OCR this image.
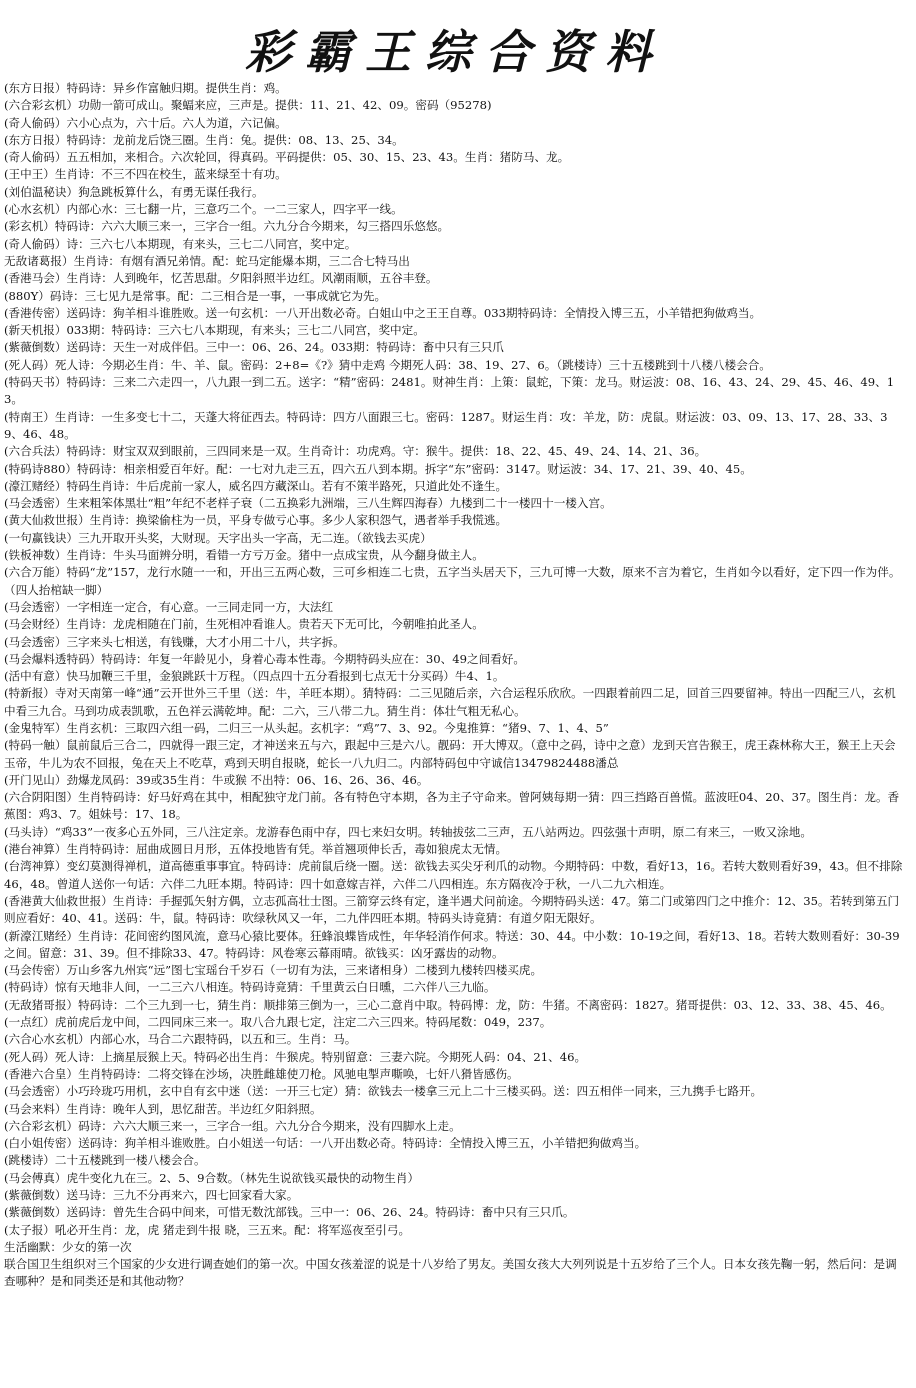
彩霸王综合资料
(东方日报）特码诗：异乡作富触归期。提供生肖：鸡。
(六合彩玄机）功勋一箭可成山。聚蝠来应，三声是。提供：11、21、42、09。密码（95278)
(奇人偷码）六小心点为，六十后。六人为道，六记偏。
(东方日报）特码诗：龙前龙后饶三圈。生肖：兔。提供：08、13、25、34。
(奇人偷码）五五相加，来相合。六次轮回，得真码。平码提供：05、30、15、23、43。生肖：猪防马、龙。
(王中王）生肖诗：不三不四在校生，蓝来绿至十有功。
(刘伯温秘诀）狗急跳板算什么，有勇无谋任我行。
(心水玄机）内部心水：三七翻一片，三意巧二个。一二三家人，四字平一线。
(彩玄机）特码诗：六六大顺三来一，三字合一组。六九分合今期来，勾三搭四乐悠悠。
(奇人偷码）诗：三六七八本期现，有来头，三七二八同宫，奖中定。
无敌诸葛报）生肖诗：有烟有酒兄弟情。配：蛇马定能爆本期，三二合七特马出
(香港马会）生肖诗：人到晚年，忆苦思甜。夕阳斜照半边红。风潮雨顺，五谷丰登。
(880Y）码诗：三七见九是常事。配：二三相合是一事，一事成就它为先。
(香港传密）送码诗：狗羊相斗谁胜败。送一句玄机：一八开出数必奇。白姐山中之王王自尊。033期特码诗：全情投入博三五，小羊错把狗做鸡当。
(新天机报）033期：特码诗：三六七八本期现，有来头；三七二八同宫，奖中定。
(紫薇倒数）送码诗：天生一对成伴侣。三中一：06、26、24。033期：特码诗：畜中只有三只爪
(死人码）死人诗：今期必生肖：牛、羊、鼠。密码：2+8=《?》猜中走鸡 今期死人码：38、19、27、6。（跳楼诗）三十五楼跳到十八楼八楼会合。
(特码天书）特码诗：三来二六走四一，八九跟一到二五。送字：“精”密码：2481。财神生肖：上策：鼠蛇，下策：龙马。财运波：08、16、43、24、29、45、46、49、13。
(特南王）生肖诗：一生多变七十二，天蓬大将征西去。特码诗：四方八面跟三七。密码：1287。财运生肖：攻：羊龙，防：虎鼠。财运波：03、09、13、17、28、33、39、46、48。
(六合兵法）特码诗：财宝双双到眼前，三四同来是一双。生肖奇计：功虎鸡。守：猴牛。提供：18、22、45、49、24、14、21、36。
(特码诗880）特码诗：相亲相爱百年好。配：一七对九走三五，四六五八到本期。拆字“东”密码：3147。财运波：34、17、21、39、40、45。
(濠江赌经）特码生肖诗：牛后虎前一家人，威名四方藏深山。若有不策半路死，只道此处不逢生。
(马会透密）生来粗笨体黑壮“粗”年纪不老样子衰（二五换彩九洲端，三八生辉四海春）九楼到二十一楼四十一楼入宫。
(黄大仙救世报）生肖诗：换梁偷柱为一员，平身专做亏心事。多少人家积怨气，遇者举手我慌逃。
(一句赢钱诀）三九开取开头奖，大财现。天字出头一字高，无二连。（欲钱去买虎）
(铁板神数）生肖诗：牛头马面辨分明，看错一方亏万金。猪中一点成宝贵，从今翻身做主人。
(六合万能）特码“龙”157，龙行水随一一和，开出三五两心数，三可乡相连二七贵，五字当头居天下，三九可博一大数，原来不言为着它，生肖如今以看好，定下四一作为伴。（四人抬棺缺一脚）
(马会透密）一字相连一定合，有心意。一三同走同一方，大法红
(马会财经）生肖诗：龙虎相随在门前，生死相冲看谁人。贵若天下无可比，今朝唯拍此圣人。
(马会透密）三字来头七相送，有钱赚，大才小用二十八，共字拆。
(马会爆料透特码）特码诗：年复一年龄见小，身着心毒本性毒。今期特码头应在：30、49之间看好。
(活中有意）快马加鞭三千里，金狼跳跃十万程。（四点四十五分看报到七点无十分买码）牛4、1。
(特新报）寺对天南第一峰“通”云开世外三千里（送：牛，羊旺本期）。猜特码：二三见随后亲，六合运程乐欣欣。一四跟着前四二足，回首三四要留神。特出一四配三八，玄机中看三九合。马到功成表凯歌，五色祥云满乾坤。配：二六，三八带二九。猜生肖：体壮气粗无私心。
(金鬼特军）生肖玄机：三取四六组一码，二归三一从头起。玄机字：“鸡”7、3、92。今鬼推算：“猪9、7、1、4、5”
(特码一触）鼠前鼠后三合二，四就得一跟三定，才神送来五与六，跟起中三是六八。靓码：开大博双。（意中之码，诗中之意）龙到天宫告猴王，虎王森林称大王，猴王上天会玉帝，牛儿为农不回报，兔在天上不吃草，鸡到天明自报晓，蛇长一八九归二。内部特码包中守诚信13479824488潘总
(开门见山）劲爆龙凤码：39或35生肖：牛或猴 不出特：06、16、26、36、46。
(六合阴阳图）生肖特码诗：好马好鸡在其中，相配独守龙门前。各有特色守本期，各为主子守命来。曾阿姨每期一猜：四三挡路百兽慌。蓝波旺04、20、37。图生肖：龙。香蕉图：鸡3、7。姐妹号：17、18。
(马头诗）“鸡33”一夜多心五外同，三八注定亲。龙游春色雨中存，四七来妇女明。转轴拔弦二三声，五八站两边。四弦强十声明，原二有来三，一败又涂地。
(港台神算）生肖特码诗：屈曲成圆日月形，五体投地皆有凭。举首翘项伸长舌，毒如狼虎太无情。
(台湾神算）变幻莫测得禅机，道高德重事事宜。特码诗：虎前鼠后绕一圈。送：欲钱去买尖牙利爪的动物。今期特码：中数，看好13，16。若转大数则看好39，43。但不排除46，48。曾道人送你一句话：六伴二九旺本期。特码诗：四十如意嫁吉祥，六伴二八四相连。东方隔夜冷于秋，一八二九六相连。
(香港黄大仙救世报）生肖诗：手握弧矢射方偶，立志孤高壮士图。三箭穿云终有定，逢半遇犬问前途。今期特码头送：47。第二门或第四门之中推介：12、35。若转到第五门则应看好：40、41。送码：牛，鼠。特码诗：吹绿秋风又一年，二九伴四旺本期。特码头诗竟猜：有道夕阳无限好。
(新濠江赌经）生肖诗：花间密约图风流，意马心猿比要体。狂蜂浪蝶皆成性，年华轻消作何求。特送：30、44。中小数：10-19之间，看好13、18。若转大数则看好：30-39之间。留意：31、39。但不排除33、47。特码诗：风卷寒云幕雨晴。欲钱买：凶牙露齿的动物。
(马会传密）万山乡客九州宾“远”图七宝瑶台千岁石（一切有为法，三来诸相身）二楼到九楼转四楼买虎。
(特码诗）惊有天地非人间，一二三六八相连。特码诗竟猜：千里黄云白日曛，二六伴八三九临。
(无敌猪哥报）特码诗：二个三九到一七，猜生肖：顺排第三倒为一，三心二意肖中取。特码博：龙，防：牛猪。不离密码：1827。猪哥提供：03、12、33、38、45、46。
(一点红）虎前虎后龙中间，二四同床三来一。取八合九跟七定，注定二六三四来。特码尾数：049，237。
(六合心水玄机）内部心水，马合二六跟特码，以五和三。生肖：马。
(死人码）死人诗：上摘星辰猴上天。特码必出生肖：牛猴虎。特别留意：三妻六院。今期死人码：04、21、46。
(香港六合皇）生肖特码诗：二将交锋在沙场，决胜雌雄使刀枪。风驰电掣声嘶唤，七奸八猾皆感伤。
(马会透密）小巧玲珑巧用机，玄中自有玄中迷（送：一开三七定）猜：欲钱去一楼拿三元上二十三楼买码。送：四五相伴一同来，三九携手七路开。
(马会来料）生肖诗：晚年人到，思忆甜苦。半边红夕阳斜照。
(六合彩玄机）码诗：六六大顺三来一，三字合一组。六九分合今期来，没有四脚水上走。
(白小姐传密）送码诗：狗羊相斗谁败胜。白小姐送一句话：一八开出数必奇。特码诗：全情投入博三五，小羊错把狗做鸡当。
(跳楼诗）二十五楼跳到一楼八楼会合。
(马会傅真）虎牛变化九在三。2、5、9合数。（林先生说欲钱买最快的动物生肖）
(紫薇倒数）送马诗：三九不分再来六，四七回家看大家。
(紫薇倒数）送码诗：曾先生合码中间来，可惜无数沈部钱。三中一：06、26、24。特码诗：畜中只有三只爪。
(太子报）吼必开生肖：龙，虎 猪走到牛报 晓，三五来。配：将军巡夜至引弓。
生活幽默：少女的第一次
联合国卫生组织对三个国家的少女进行调查她们的第一次。中国女孩羞涩的说是十八岁给了男友。美国女孩大大列列说是十五岁给了三个人。日本女孩先鞠一躬，然后问：是调查哪种？是和同类还是和其他动物？
